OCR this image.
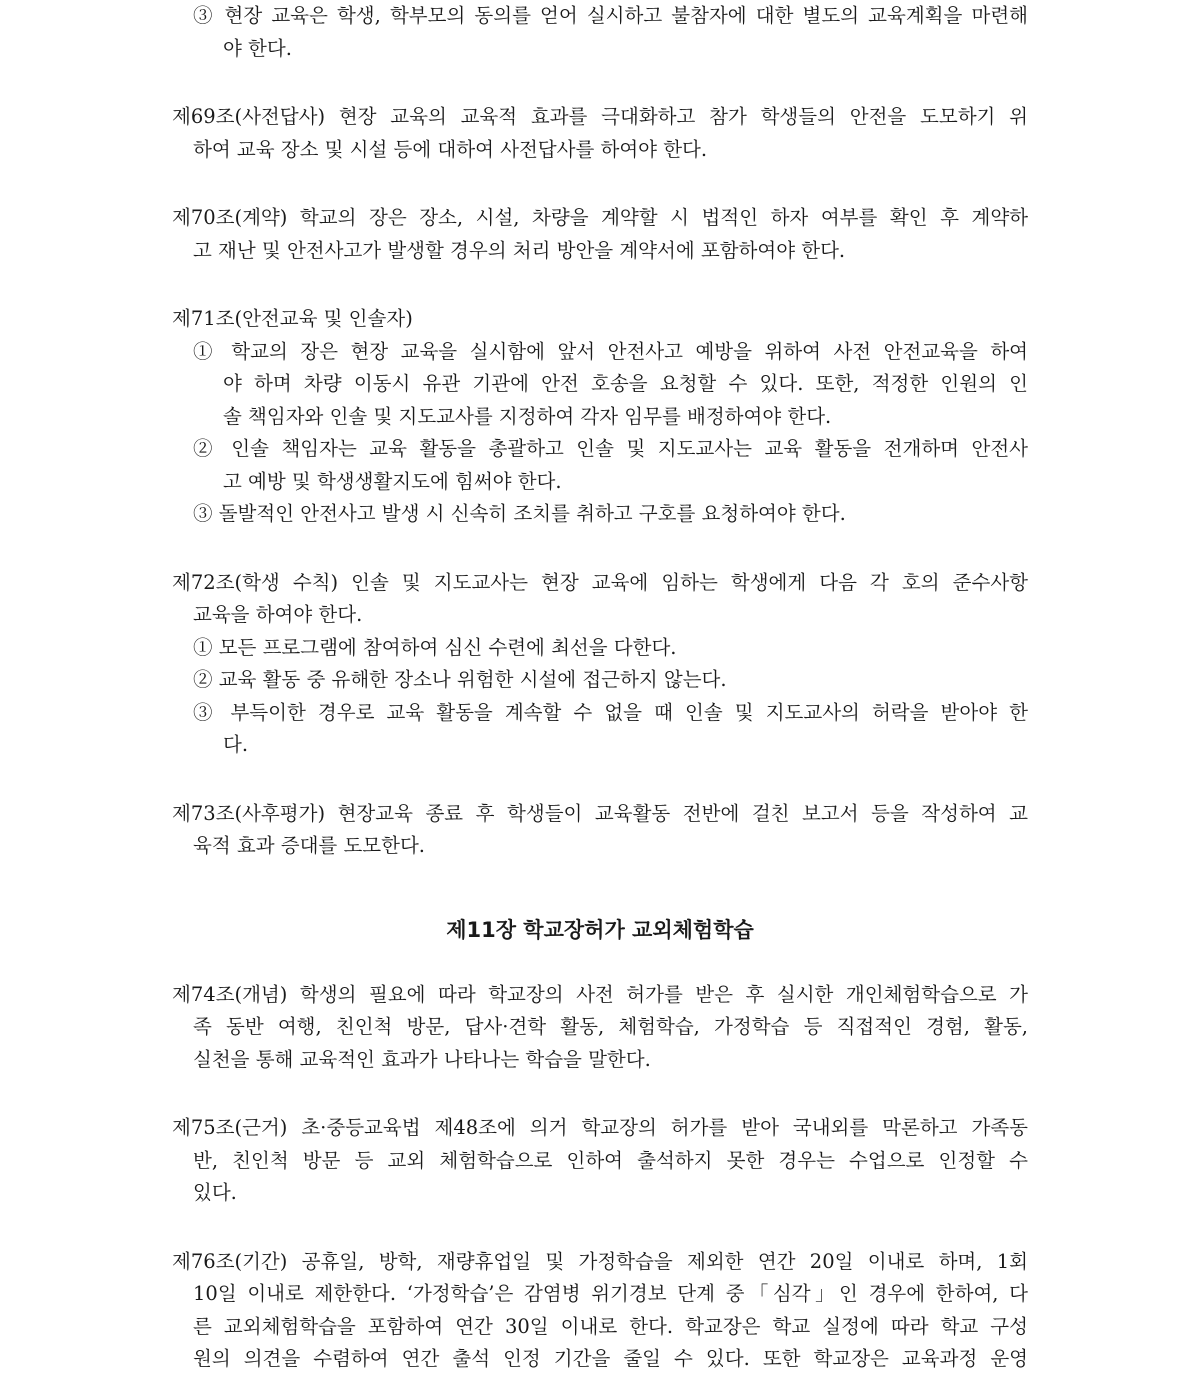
③ 현장 교육은 학생, 학부모의 동의를 얻어 실시하고 불참자에 대한 별도의 교육계획을 마련해
야 한다.
제69조(사전답사) 현장 교육의 교육적 효과를 극대화하고 참가 학생들의 안전을 도모하기 위
하여 교육 장소 및 시설 등에 대하여 사전답사를 하여야 한다.
제70조(계약) 학교의 장은 장소, 시설, 차량을 계약할 시 법적인 하자 여부를 확인 후 계약하
고 재난 및 안전사고가 발생할 경우의 처리 방안을 계약서에 포함하여야 한다.
제71조(안전교육 및 인솔자)
① 학교의 장은 현장 교육을 실시함에 앞서 안전사고 예방을 위하여 사전 안전교육을 하여
야 하며 차량 이동시 유관 기관에 안전 호송을 요청할 수 있다. 또한, 적정한 인원의 인
솔 책임자와 인솔 및 지도교사를 지정하여 각자 임무를 배정하여야 한다.
② 인솔 책임자는 교육 활동을 총괄하고 인솔 및 지도교사는 교육 활동을 전개하며 안전사
고 예방 및 학생생활지도에 힘써야 한다.
③ 돌발적인 안전사고 발생 시 신속히 조치를 취하고 구호를 요청하여야 한다.
제72조(학생 수칙) 인솔 및 지도교사는 현장 교육에 임하는 학생에게 다음 각 호의 준수사항
교육을 하여야 한다.
① 모든 프로그램에 참여하여 심신 수련에 최선을 다한다.
② 교육 활동 중 유해한 장소나 위험한 시설에 접근하지 않는다.
③ 부득이한 경우로 교육 활동을 계속할 수 없을 때 인솔 및 지도교사의 허락을 받아야 한
다.
제73조(사후평가) 현장교육 종료 후 학생들이 교육활동 전반에 걸친 보고서 등을 작성하여 교
육적 효과 증대를 도모한다.
제11장 학교장허가 교외체험학습
제74조(개념) 학생의 필요에 따라 학교장의 사전 허가를 받은 후 실시한 개인체험학습으로 가
족 동반 여행, 친인척 방문, 답사·견학 활동, 체험학습, 가정학습 등 직접적인 경험, 활동,
실천을 통해 교육적인 효과가 나타나는 학습을 말한다.
제75조(근거) 초·중등교육법 제48조에 의거 학교장의 허가를 받아 국내외를 막론하고 가족동
반, 친인척 방문 등 교외 체험학습으로 인하여 출석하지 못한 경우는 수업으로 인정할 수
있다.
제76조(기간) 공휴일, 방학, 재량휴업일 및 가정학습을 제외한 연간 20일 이내로 하며, 1회
10일 이내로 제한한다. ‘가정학습’은 감염병 위기경보 단계 중「심각」인 경우에 한하여, 다
른 교외체험학습을 포함하여 연간 30일 이내로 한다. 학교장은 학교 실정에 따라 학교 구성
원의 의견을 수렴하여 연간 출석 인정 기간을 줄일 수 있다. 또한 학교장은 교육과정 운영
